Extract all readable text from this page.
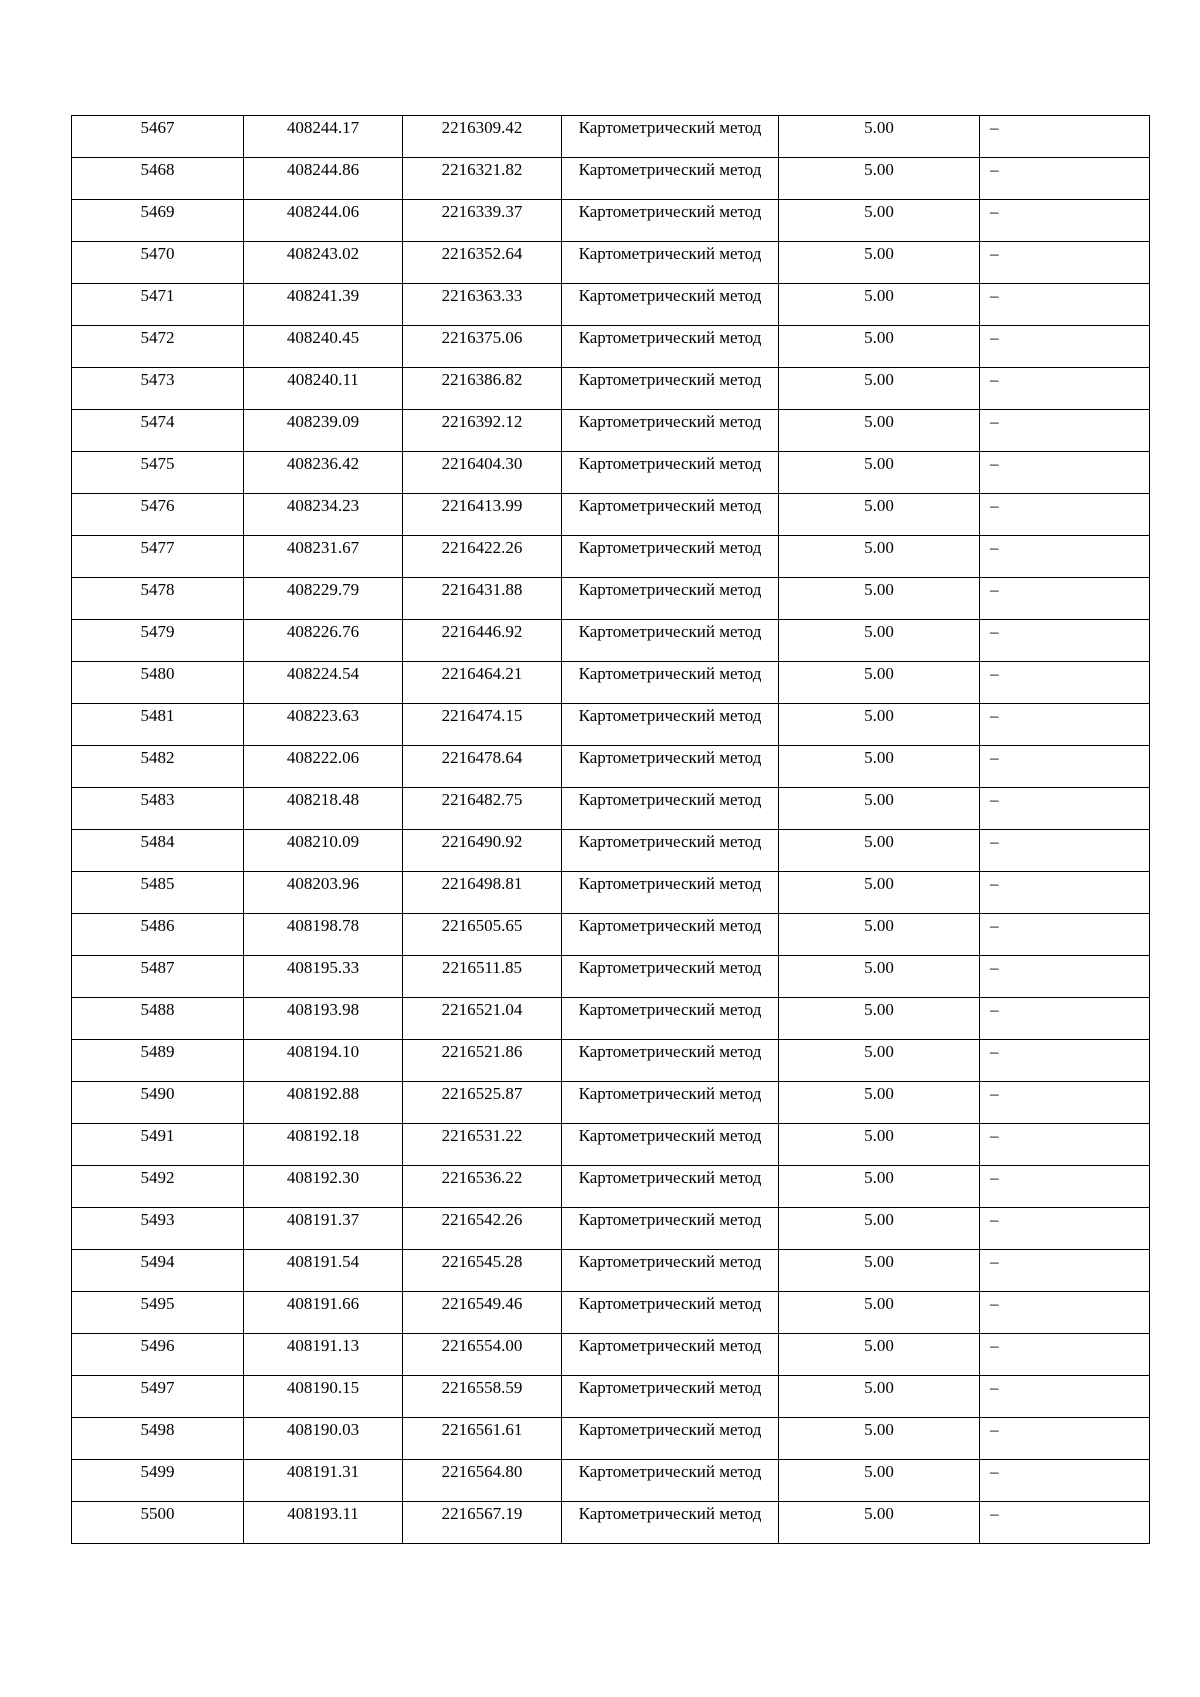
5467	408244.17	2216309.42	Картометрический метод	5.00	–

5468	408244.86	2216321.82	Картометрический метод	5.00	–

5469	408244.06	2216339.37	Картометрический метод	5.00	–

5470	408243.02	2216352.64	Картометрический метод	5.00	–

5471	408241.39	2216363.33	Картометрический метод	5.00	–

5472	408240.45	2216375.06	Картометрический метод	5.00	–

5473	408240.11	2216386.82	Картометрический метод	5.00	–

5474	408239.09	2216392.12	Картометрический метод	5.00	–

5475	408236.42	2216404.30	Картометрический метод	5.00	–

5476	408234.23	2216413.99	Картометрический метод	5.00	–

5477	408231.67	2216422.26	Картометрический метод	5.00	–

5478	408229.79	2216431.88	Картометрический метод	5.00	–

5479	408226.76	2216446.92	Картометрический метод	5.00	–

5480	408224.54	2216464.21	Картометрический метод	5.00	–

5481	408223.63	2216474.15	Картометрический метод	5.00	–

5482	408222.06	2216478.64	Картометрический метод	5.00	–

5483	408218.48	2216482.75	Картометрический метод	5.00	–

5484	408210.09	2216490.92	Картометрический метод	5.00	–

5485	408203.96	2216498.81	Картометрический метод	5.00	–

5486	408198.78	2216505.65	Картометрический метод	5.00	–

5487	408195.33	2216511.85	Картометрический метод	5.00	–

5488	408193.98	2216521.04	Картометрический метод	5.00	–

5489	408194.10	2216521.86	Картометрический метод	5.00	–

5490	408192.88	2216525.87	Картометрический метод	5.00	–

5491	408192.18	2216531.22	Картометрический метод	5.00	–

5492	408192.30	2216536.22	Картометрический метод	5.00	–

5493	408191.37	2216542.26	Картометрический метод	5.00	–

5494	408191.54	2216545.28	Картометрический метод	5.00	–

5495	408191.66	2216549.46	Картометрический метод	5.00	–

5496	408191.13	2216554.00	Картометрический метод	5.00	–

5497	408190.15	2216558.59	Картометрический метод	5.00	–

5498	408190.03	2216561.61	Картометрический метод	5.00	–

5499	408191.31	2216564.80	Картометрический метод	5.00	–

5500	408193.11	2216567.19	Картометрический метод	5.00	–
